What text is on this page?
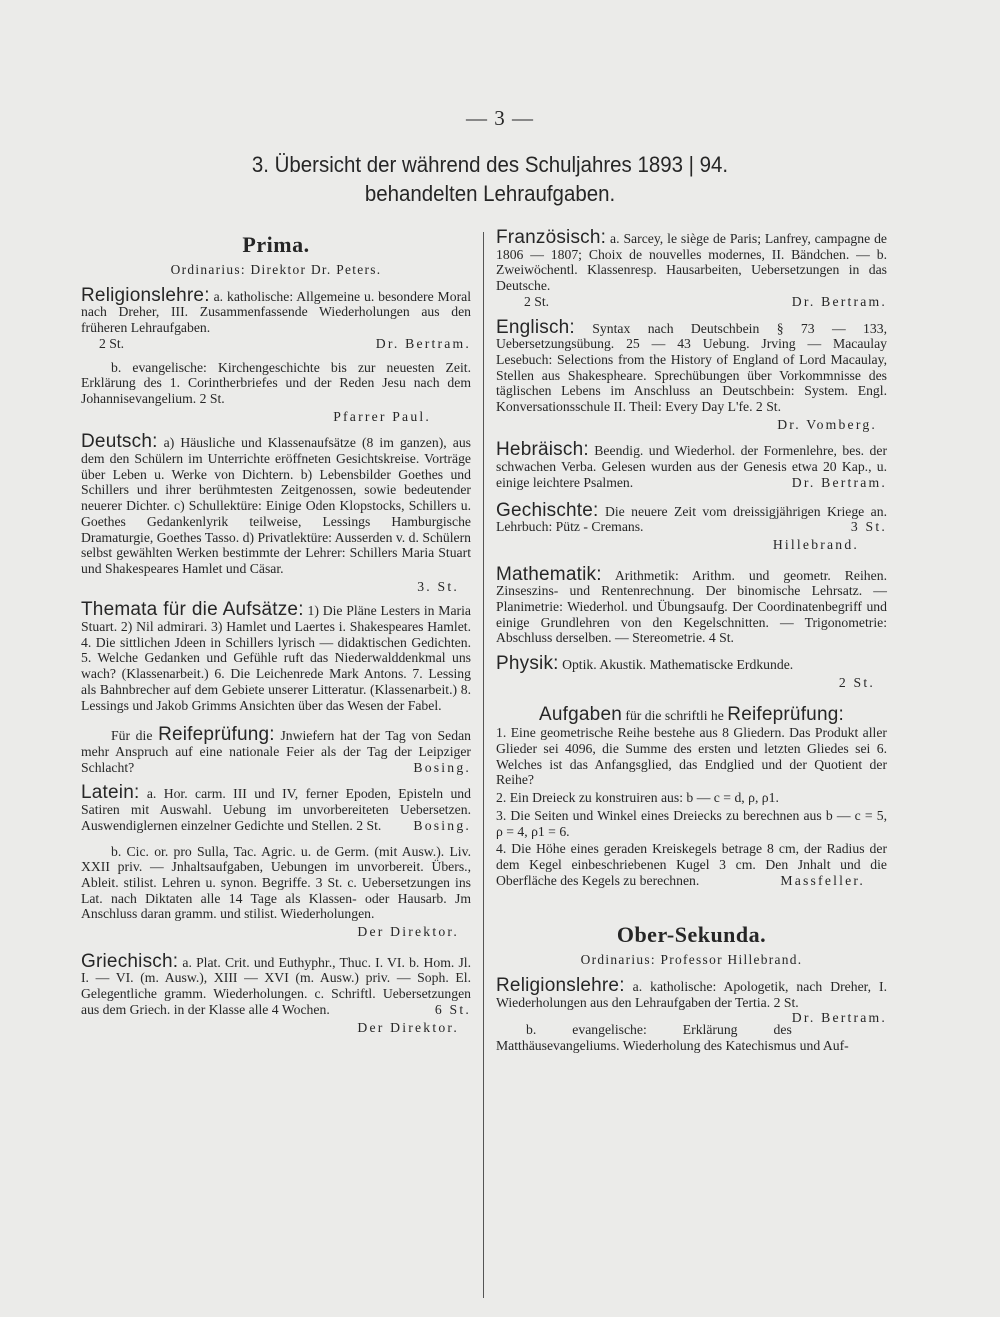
— 3 —
3. Übersicht der während des Schuljahres 1893 | 94.
behandelten Lehraufgaben.
Prima.
Ordinarius: Direktor Dr. Peters.
Religionslehre: a. katholische: Allgemeine u. besondere Moral nach Dreher, III. Zusammenfassende Wiederholungen aus den früheren Lehraufgaben.
2 St.	Dr. Bertram.
b. evangelische: Kirchengeschichte bis zur neuesten Zeit. Erklärung des 1. Corintherbriefes und der Reden Jesu nach dem Johannisevangelium. 2 St.
Pfarrer Paul.
Deutsch: a) Häusliche und Klassenaufsätze (8 im ganzen), aus dem den Schülern im Unterrichte eröffneten Gesichtskreise. Vorträge über Leben u. Werke von Dichtern. b) Lebensbilder Goethes und Schillers und ihrer berühmtesten Zeitgenossen, sowie bedeutender neuerer Dichter. c) Schullektüre: Einige Oden Klopstocks, Schillers u. Goethes Gedankenlyrik teilweise, Lessings Hamburgische Dramaturgie, Goethes Tasso. d) Privatlektüre: Ausserden v. d. Schülern selbst gewählten Werken bestimmte der Lehrer: Schillers Maria Stuart und Shakespeares Hamlet und Cäsar.
3. St.
Themata für die Aufsätze: 1) Die Pläne Lesters in Maria Stuart. 2) Nil admirari. 3) Hamlet und Laertes i. Shakespeares Hamlet. 4. Die sittlichen Jdeen in Schillers lyrisch — didaktischen Gedichten. 5. Welche Gedanken und Gefühle ruft das Niederwalddenkmal uns wach? (Klassenarbeit.) 6. Die Leichenrede Mark Antons. 7. Lessing als Bahnbrecher auf dem Gebiete unserer Litteratur. (Klassenarbeit.) 8. Lessings und Jakob Grimms Ansichten über das Wesen der Fabel.
Für die Reifeprüfung: Jnwiefern hat der Tag von Sedan mehr Anspruch auf eine nationale Feier als der Tag der Leipziger Schlacht?	Bosing.
Latein: a. Hor. carm. III und IV, ferner Epoden, Episteln und Satiren mit Auswahl. Uebung im unvorbereiteten Uebersetzen. Auswendiglernen einzelner Gedichte und Stellen. 2 St. Bosing.
b. Cic. or. pro Sulla, Tac. Agric. u. de Germ. (mit Ausw.). Liv. XXII priv. — Jnhaltsaufgaben, Uebungen im unvorbereit. Übers., Ableit. stilist. Lehren u. synon. Begriffe. 3 St. c. Uebersetzungen ins Lat. nach Diktaten alle 14 Tage als Klassen- oder Hausarb. Jm Anschluss daran gramm. und stilist. Wiederholungen.
Der Direktor.
Griechisch: a. Plat. Crit. und Euthyphr., Thuc. I. VI. b. Hom. Jl. I. — VI. (m. Ausw.), XIII — XVI (m. Ausw.) priv. — Soph. El. Gelegentliche gramm. Wiederholungen. c. Schriftl. Uebersetzungen aus dem Griech. in der Klasse alle 4 Wochen.	6 St.
Der Direktor.
Französisch: a. Sarcey, le siège de Paris; Lanfrey, campagne de 1806 — 1807; Choix de nouvelles modernes, II. Bändchen. — b. Zweiwöchentl. Klassenresp. Hausarbeiten, Uebersetzungen in das Deutsche.
2 St.	Dr. Bertram.
Englisch: Syntax nach Deutschbein § 73 — 133, Uebersetzungsübung. 25 — 43 Uebung. Jrving — Macaulay Lesebuch: Selections from the History of England of Lord Macaulay, Stellen aus Shakespheare. Sprechübungen über Vorkommnisse des täglischen Lebens im Anschluss an Deutschbein: System. Engl. Konversationsschule II. Theil: Every Day L'fe. 2 St.
Dr. Vomberg.
Hebräisch: Beendig. und Wiederhol. der Formenlehre, bes. der schwachen Verba. Gelesen wurden aus der Genesis etwa 20 Kap., u. einige leichtere Psalmen.	Dr. Bertram.
Gechischte: Die neuere Zeit vom dreissigjährigen Kriege an. Lehrbuch: Pütz - Cremans.	3 St.
Hillebrand.
Mathematik: Arithmetik: Arithm. und geometr. Reihen. Zinseszins- und Rentenrechnung. Der binomische Lehrsatz. — Planimetrie: Wiederhol. und Übungsaufg. Der Coordinatenbegriff und einige Grundlehren von den Kegelschnitten. — Trigonometrie: Abschluss derselben. — Stereometrie. 4 St.
Physik: Optik. Akustik. Mathematiscke Erdkunde.
2 St.
Aufgaben für die schriftli he Reifeprüfung:
1. Eine geometrische Reihe bestehe aus 8 Gliedern. Das Produkt aller Glieder sei 4096, die Summe des ersten und letzten Gliedes sei 6. Welches ist das Anfangsglied, das Endglied und der Quotient der Reihe?
2. Ein Dreieck zu konstruiren aus: b — c = d, ρ, ρ1.
3. Die Seiten und Winkel eines Dreiecks zu berechnen aus b — c = 5, ρ = 4, ρ1 = 6.
4. Die Höhe eines geraden Kreiskegels betrage 8 cm, der Radius der dem Kegel einbeschriebenen Kugel 3 cm. Den Jnhalt und die Oberfläche des Kegels zu berechnen.	Massfeller.
Ober-Sekunda.
Ordinarius: Professor Hillebrand.
Religionslehre: a. katholische: Apologetik, nach Dreher, I. Wiederholungen aus den Lehraufgaben der Tertia. 2 St.
Dr. Bertram.
b. evangelische: Erklärung des Matthäusevangeliums. Wiederholung des Katechismus und Auf-
